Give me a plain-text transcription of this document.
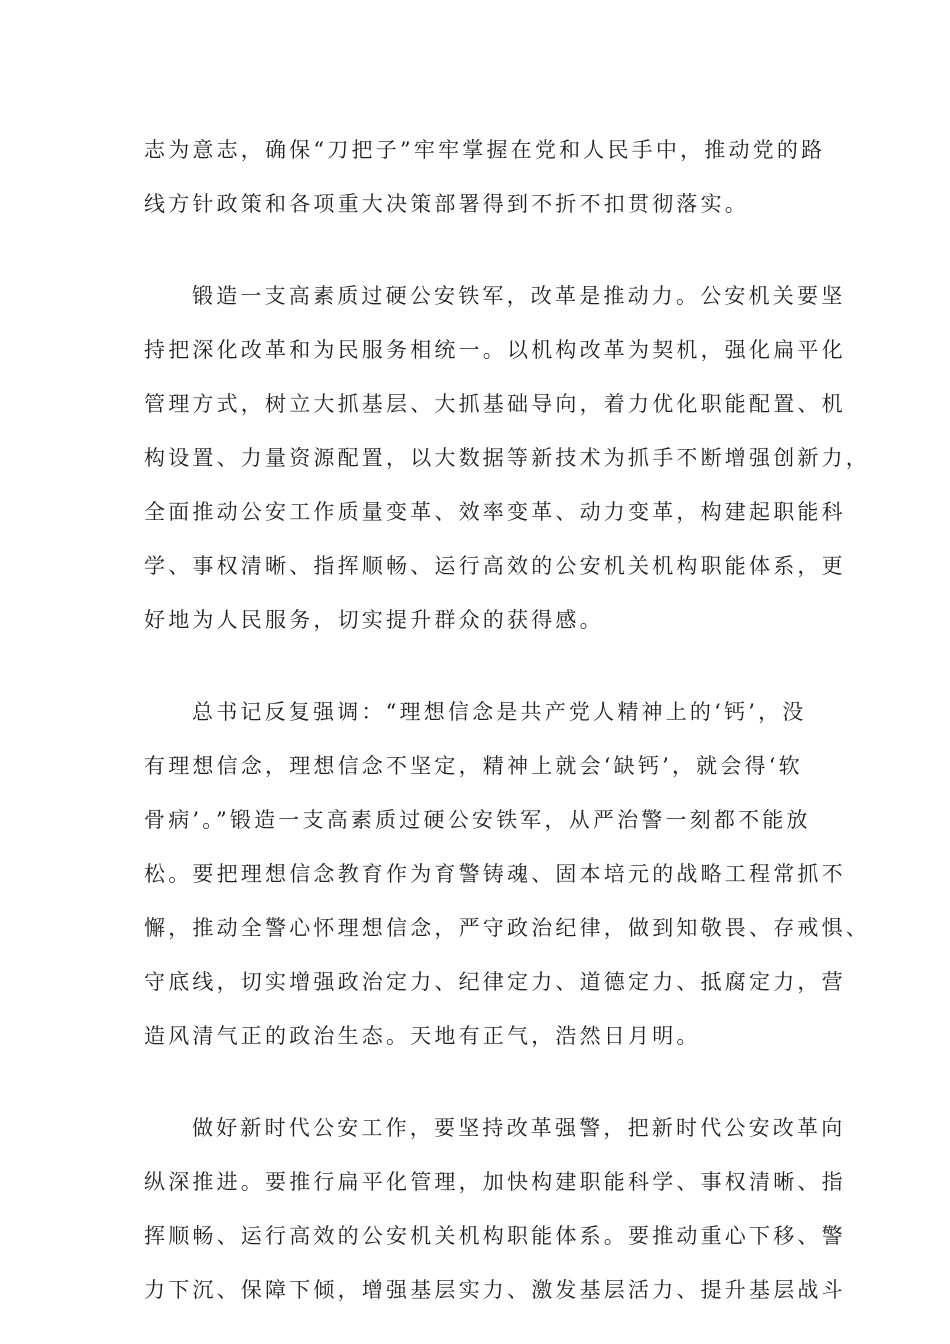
志为意志，确保“刀把子”牢牢掌握在党和人民手中，推动党的路
线方针政策和各项重大决策部署得到不折不扣贯彻落实。
锻造一支高素质过硬公安铁军，改革是推动力。公安机关要坚
持把深化改革和为民服务相统一。以机构改革为契机，强化扁平化
管理方式，树立大抓基层、大抓基础导向，着力优化职能配置、机
构设置、力量资源配置，以大数据等新技术为抓手不断增强创新力，
全面推动公安工作质量变革、效率变革、动力变革，构建起职能科
学、事权清晰、指挥顺畅、运行高效的公安机关机构职能体系，更
好地为人民服务，切实提升群众的获得感。
总书记反复强调：“理想信念是共产党人精神上的‘钙’，没
有理想信念，理想信念不坚定，精神上就会‘缺钙’，就会得‘软
骨病’。”锻造一支高素质过硬公安铁军，从严治警一刻都不能放
松。要把理想信念教育作为育警铸魂、固本培元的战略工程常抓不
懈，推动全警心怀理想信念，严守政治纪律，做到知敬畏、存戒惧、
守底线，切实增强政治定力、纪律定力、道德定力、抵腐定力，营
造风清气正的政治生态。天地有正气，浩然日月明。
做好新时代公安工作，要坚持改革强警，把新时代公安改革向
纵深推进。要推行扁平化管理，加快构建职能科学、事权清晰、指
挥顺畅、运行高效的公安机关机构职能体系。要推动重心下移、警
力下沉、保障下倾，增强基层实力、激发基层活力、提升基层战斗
